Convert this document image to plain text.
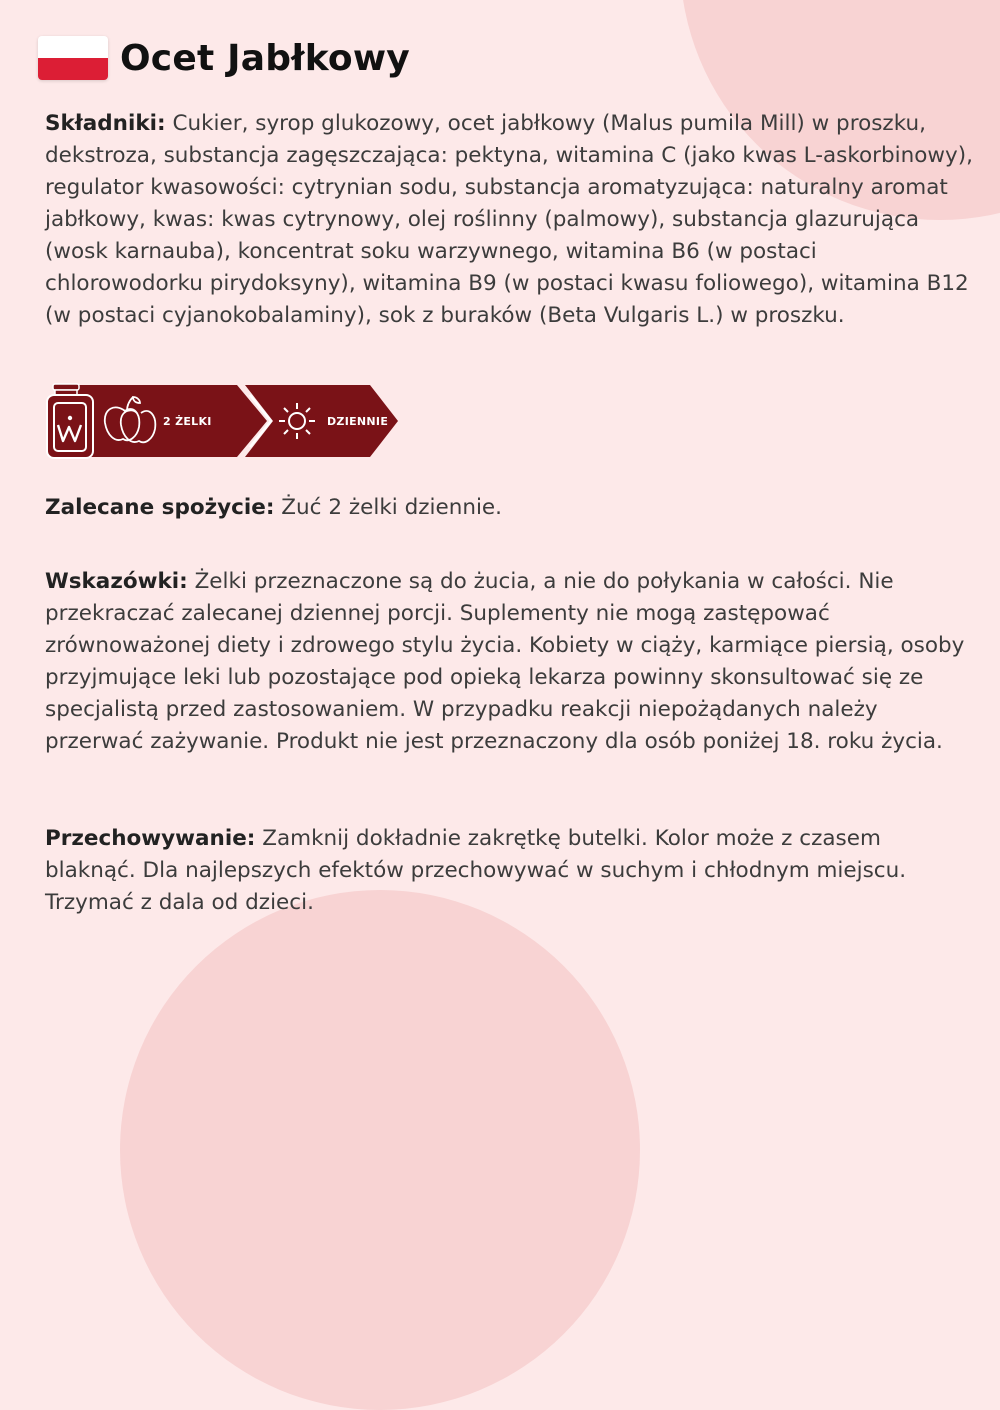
Ocet Jabłkowy
Składniki: Cukier, syrop glukozowy, ocet jabłkowy (Malus pumila Mill) w proszku, dekstroza, substancja zagęszczająca: pektyna, witamina C (jako kwas L-askorbinowy), regulator kwasowości: cytrynian sodu, substancja aromatyzująca: naturalny aromat jabłkowy, kwas: kwas cytrynowy, olej roślinny (palmowy), substancja glazurująca (wosk karnauba), koncentrat soku warzywnego, witamina B6 (w postaci chlorowodorku pirydoksyny), witamina B9 (w postaci kwasu foliowego), witamina B12 (w postaci cyjanokobalaminy), sok z buraków (Beta Vulgaris L.) w proszku.
2 ŻELKI	DZIENNIE
Zalecane spożycie: Żuć 2 żelki dziennie.
Wskazówki: Żelki przeznaczone są do żucia, a nie do połykania w całości. Nie przekraczać zalecanej dziennej porcji. Suplementy nie mogą zastępować zrównoważonej diety i zdrowego stylu życia. Kobiety w ciąży, karmiące piersią, osoby przyjmujące leki lub pozostające pod opieką lekarza powinny skonsultować się ze specjalistą przed zastosowaniem. W przypadku reakcji niepożądanych należy przerwać zażywanie. Produkt nie jest przeznaczony dla osób poniżej 18. roku życia.
Przechowywanie: Zamknij dokładnie zakrętkę butelki. Kolor może z czasem blaknąć. Dla najlepszych efektów przechowywać w suchym i chłodnym miejscu. Trzymać z dala od dzieci.
